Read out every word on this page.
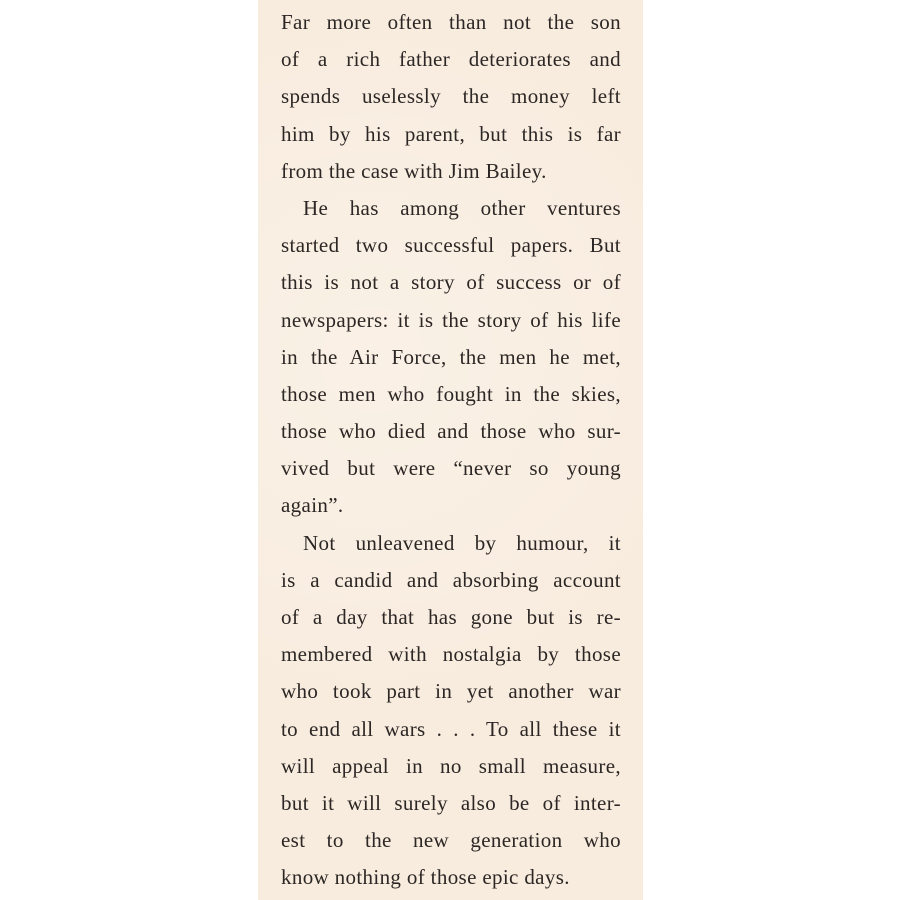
Far more often than not the son
of a rich father deteriorates and
spends uselessly the money left
him by his parent, but this is far
from the case with Jim Bailey.
He has among other ventures
started two successful papers. But
this is not a story of success or of
newspapers: it is the story of his life
in the Air Force, the men he met,
those men who fought in the skies,
those who died and those who sur-
vived but were “never so young
again”.
Not unleavened by humour, it
is a candid and absorbing account
of a day that has gone but is re-
membered with nostalgia by those
who took part in yet another war
to end all wars . . . To all these it
will appeal in no small measure,
but it will surely also be of inter-
est to the new generation who
know nothing of those epic days.
